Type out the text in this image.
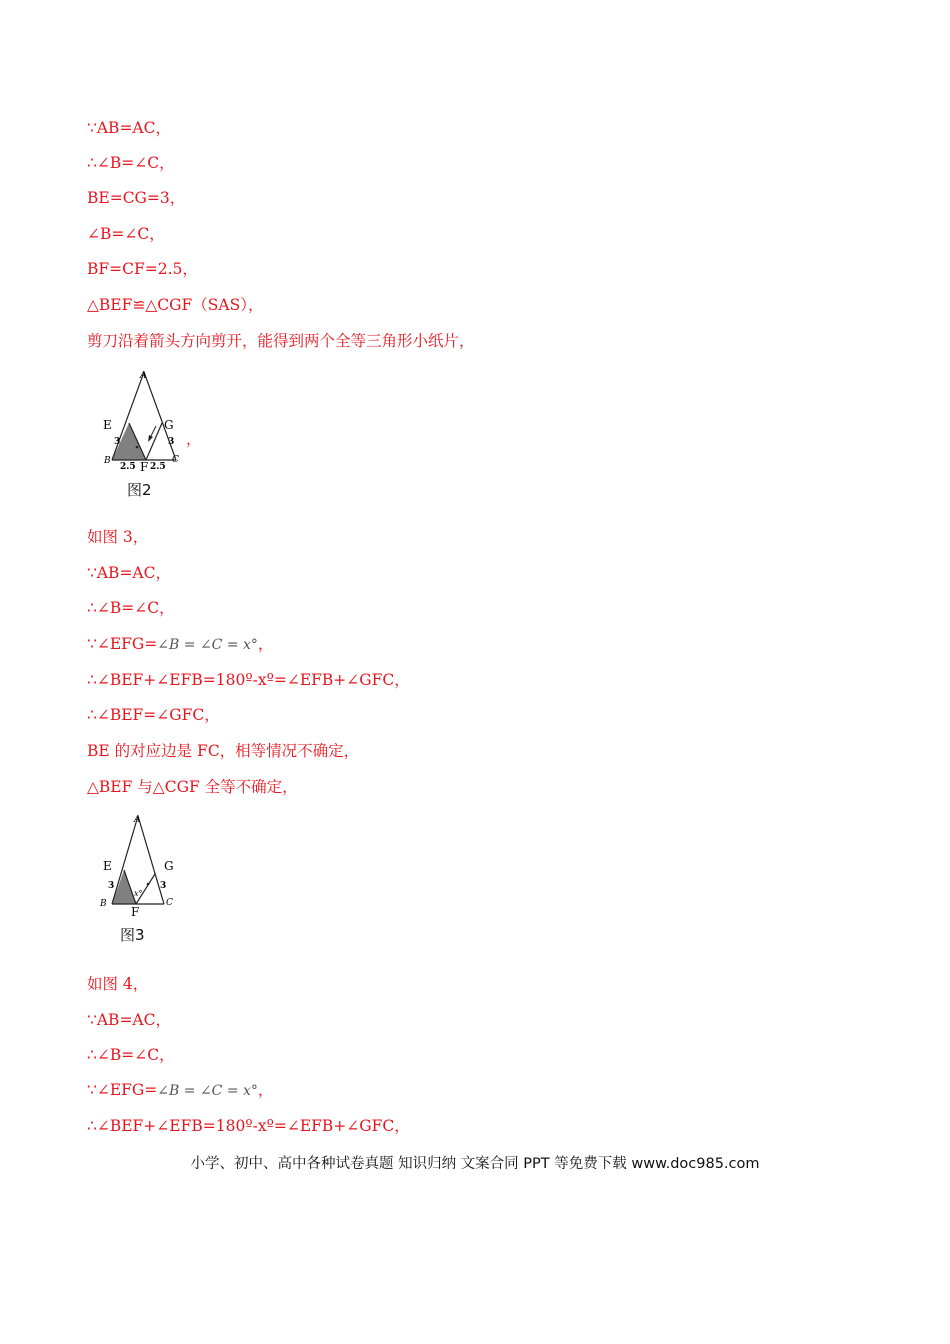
∵AB=AC，
∴∠B=∠C，
BE=CG=3，
∠B=∠C，
BF=CF=2.5，
△BEF≌△CGF（SAS），
剪刀沿着箭头方向剪开，能得到两个全等三角形小纸片，
A
E	G
B	C
F
3	3
2.5 2.5
图2
，
如图 3，
∵AB=AC，
∴∠B=∠C，
∵∠EFG=∠B = ∠C = x°，
∴∠BEF+∠EFB=180º-xº=∠EFB+∠GFC，
∴∠BEF=∠GFC，
BE 的对应边是 FC，相等情况不确定，
△BEF 与△CGF 全等不确定，
A
E	G
B	C
F
3	3
x°
图3
如图 4，
∵AB=AC，
∴∠B=∠C，
∵∠EFG=∠B = ∠C = x°，
∴∠BEF+∠EFB=180º-xº=∠EFB+∠GFC，
小学、初中、高中各种试卷真题 知识归纳 文案合同 PPT 等免费下载 www.doc985.com
